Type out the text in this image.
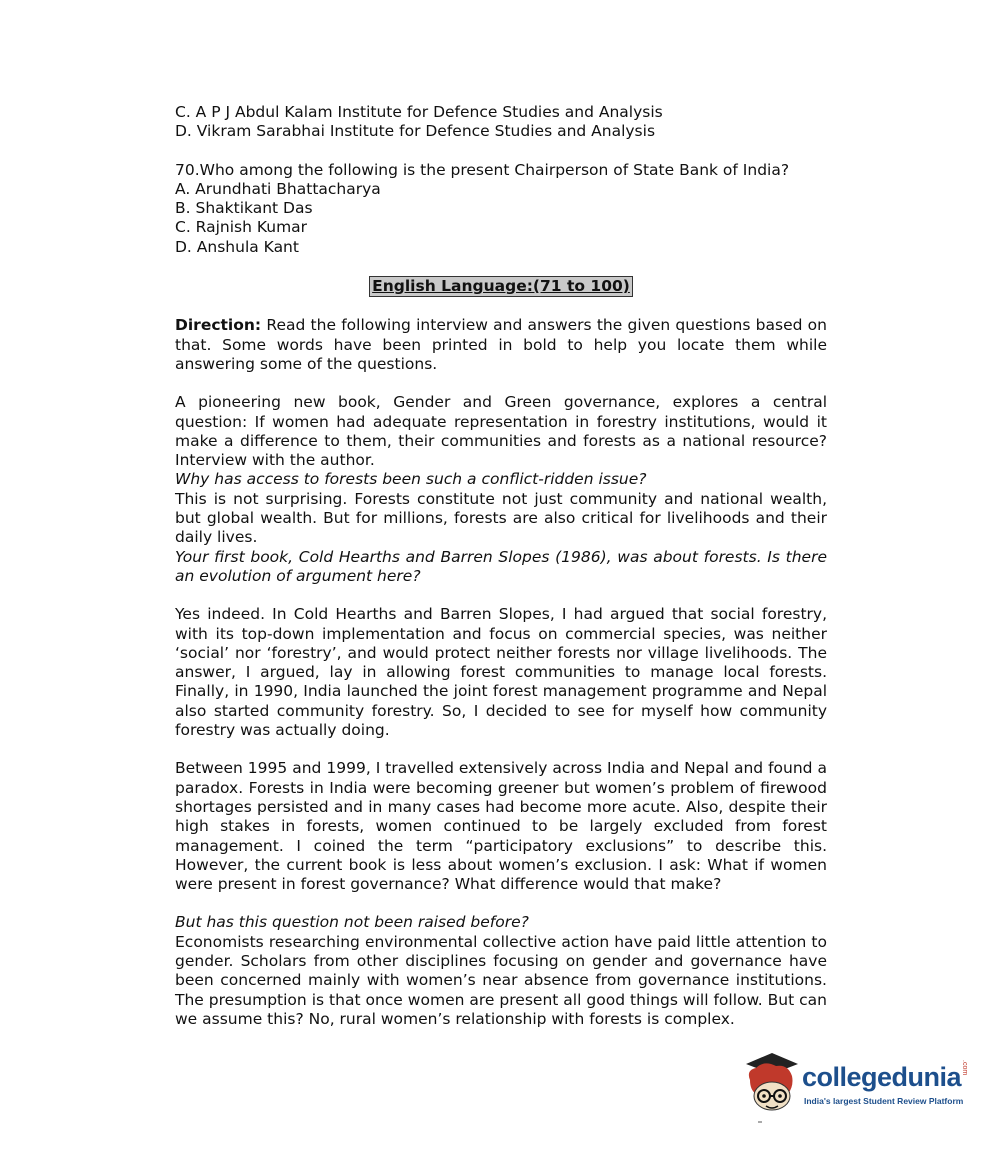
C. A P J Abdul Kalam Institute for Defence Studies and Analysis

D. Vikram Sarabhai Institute for Defence Studies and Analysis

70.Who among the following is the present Chairperson of State Bank of India?

A. Arundhati Bhattacharya

B. Shaktikant Das

C. Rajnish Kumar

D. Anshula Kant

English Language:(71 to 100)

Direction: Read the following interview and answers the given questions based on that. Some words have been printed in bold to help you locate them while answering some of the questions.

A pioneering new book, Gender and Green governance, explores a central question: If women had adequate representation in forestry institutions, would it make a difference to them, their communities and forests as a national resource? Interview with the author.

Why has access to forests been such a conflict-ridden issue?

This is not surprising. Forests constitute not just community and national wealth, but global wealth. But for millions, forests are also critical for livelihoods and their daily lives.

Your first book, Cold Hearths and Barren Slopes (1986), was about forests. Is there an evolution of argument here?

Yes indeed. In Cold Hearths and Barren Slopes, I had argued that social forestry, with its top-down implementation and focus on commercial species, was neither ‘social’ nor ‘forestry’, and would protect neither forests nor village livelihoods. The answer, I argued, lay in allowing forest communities to manage local forests. Finally, in 1990, India launched the joint forest management programme and Nepal also started community forestry. So, I decided to see for myself how community forestry was actually doing.

Between 1995 and 1999, I travelled extensively across India and Nepal and found a paradox. Forests in India were becoming greener but women’s problem of firewood shortages persisted and in many cases had become more acute. Also, despite their high stakes in forests, women continued to be largely excluded from forest management. I coined the term “participatory exclusions” to describe this. However, the current book is less about women’s exclusion. I ask: What if women were present in forest governance? What difference would that make?

But has this question not been raised before?

Economists researching environmental collective action have paid little attention to gender. Scholars from other disciplines focusing on gender and governance have been concerned mainly with women’s near absence from governance institutions. The presumption is that once women are present all good things will follow. But can we assume this? No, rural women’s relationship with forests is complex.

collegedunia .com
India's largest Student Review Platform
